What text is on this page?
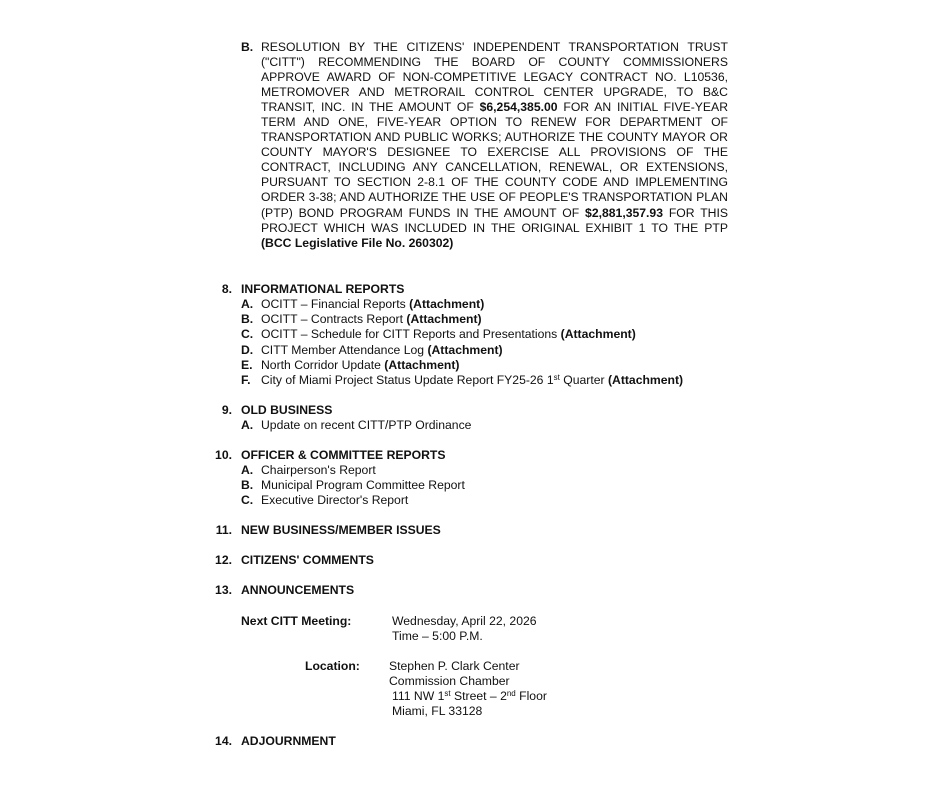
B. RESOLUTION BY THE CITIZENS' INDEPENDENT TRANSPORTATION TRUST ("CITT") RECOMMENDING THE BOARD OF COUNTY COMMISSIONERS APPROVE AWARD OF NON-COMPETITIVE LEGACY CONTRACT NO. L10536, METROMOVER AND METRORAIL CONTROL CENTER UPGRADE, TO B&C TRANSIT, INC. IN THE AMOUNT OF $6,254,385.00 FOR AN INITIAL FIVE-YEAR TERM AND ONE, FIVE-YEAR OPTION TO RENEW FOR DEPARTMENT OF TRANSPORTATION AND PUBLIC WORKS; AUTHORIZE THE COUNTY MAYOR OR COUNTY MAYOR'S DESIGNEE TO EXERCISE ALL PROVISIONS OF THE CONTRACT, INCLUDING ANY CANCELLATION, RENEWAL, OR EXTENSIONS, PURSUANT TO SECTION 2-8.1 OF THE COUNTY CODE AND IMPLEMENTING ORDER 3-38; AND AUTHORIZE THE USE OF PEOPLE'S TRANSPORTATION PLAN (PTP) BOND PROGRAM FUNDS IN THE AMOUNT OF $2,881,357.93 FOR THIS PROJECT WHICH WAS INCLUDED IN THE ORIGINAL EXHIBIT 1 TO THE PTP (BCC Legislative File No. 260302)
8. INFORMATIONAL REPORTS
A. OCITT – Financial Reports (Attachment)
B. OCITT – Contracts Report (Attachment)
C. OCITT – Schedule for CITT Reports and Presentations (Attachment)
D. CITT Member Attendance Log (Attachment)
E. North Corridor Update (Attachment)
F. City of Miami Project Status Update Report FY25-26 1st Quarter (Attachment)
9. OLD BUSINESS
A. Update on recent CITT/PTP Ordinance
10. OFFICER & COMMITTEE REPORTS
A. Chairperson's Report
B. Municipal Program Committee Report
C. Executive Director's Report
11. NEW BUSINESS/MEMBER ISSUES
12. CITIZENS' COMMENTS
13. ANNOUNCEMENTS
Next CITT Meeting:	Wednesday, April 22, 2026
Time – 5:00 P.M.
Location: Stephen P. Clark Center
Commission Chamber
111 NW 1st Street – 2nd Floor
Miami, FL 33128
14. ADJOURNMENT
